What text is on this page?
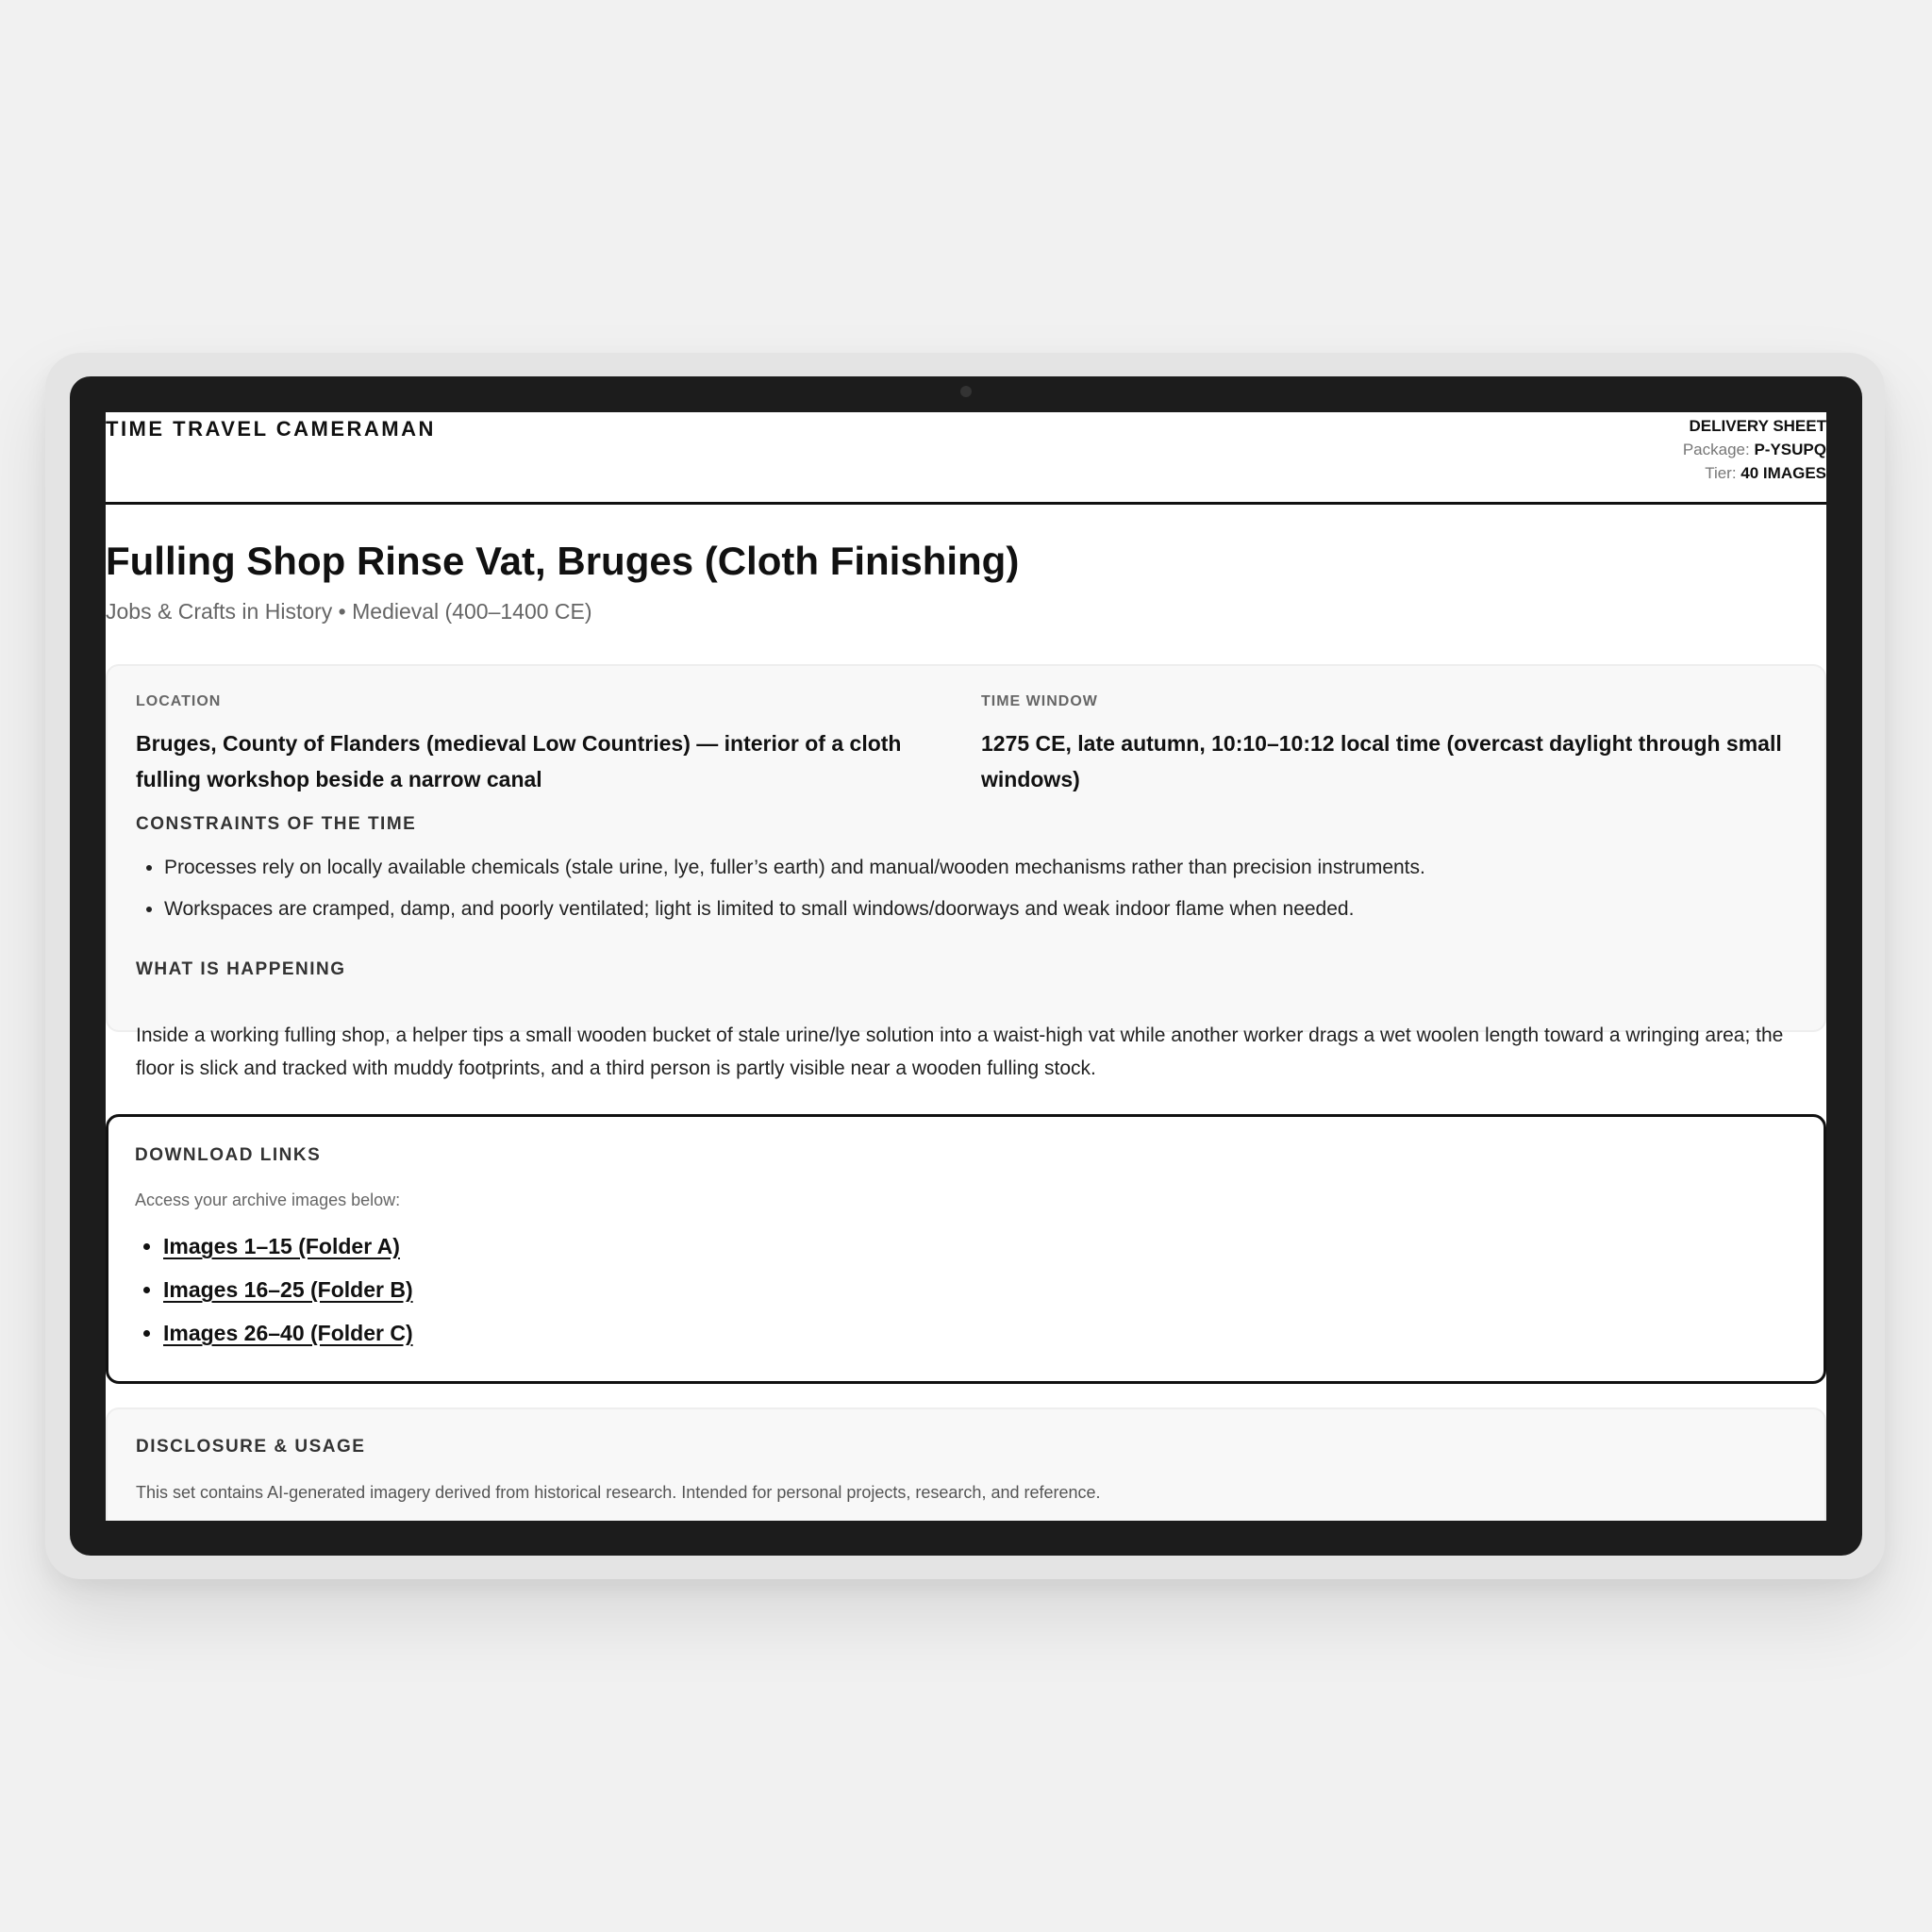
TIME TRAVEL CAMERAMAN	DELIVERY SHEET
Package: P-YSUPQ
Tier: 40 IMAGES
Fulling Shop Rinse Vat, Bruges (Cloth Finishing)
Jobs & Crafts in History • Medieval (400–1400 CE)
LOCATION
Bruges, County of Flanders (medieval Low Countries) — interior of a cloth fulling workshop beside a narrow canal
TIME WINDOW
1275 CE, late autumn, 10:10–10:12 local time (overcast daylight through small windows)
CONSTRAINTS OF THE TIME
• Processes rely on locally available chemicals (stale urine, lye, fuller’s earth) and manual/wooden mechanisms rather than precision instruments.
• Workspaces are cramped, damp, and poorly ventilated; light is limited to small windows/doorways and weak indoor flame when needed.
WHAT IS HAPPENING

Inside a working fulling shop, a helper tips a small wooden bucket of stale urine/lye solution into a waist-high vat while another worker drags a wet woolen length toward a wringing area; the floor is slick and tracked with muddy footprints, and a third person is partly visible near a wooden fulling stock.

DOWNLOAD LINKS
Access your archive images below:
• Images 1–15 (Folder A)
• Images 16–25 (Folder B)
• Images 26–40 (Folder C)
DISCLOSURE & USAGE
This set contains AI-generated imagery derived from historical research. Intended for personal projects, research, and reference.
